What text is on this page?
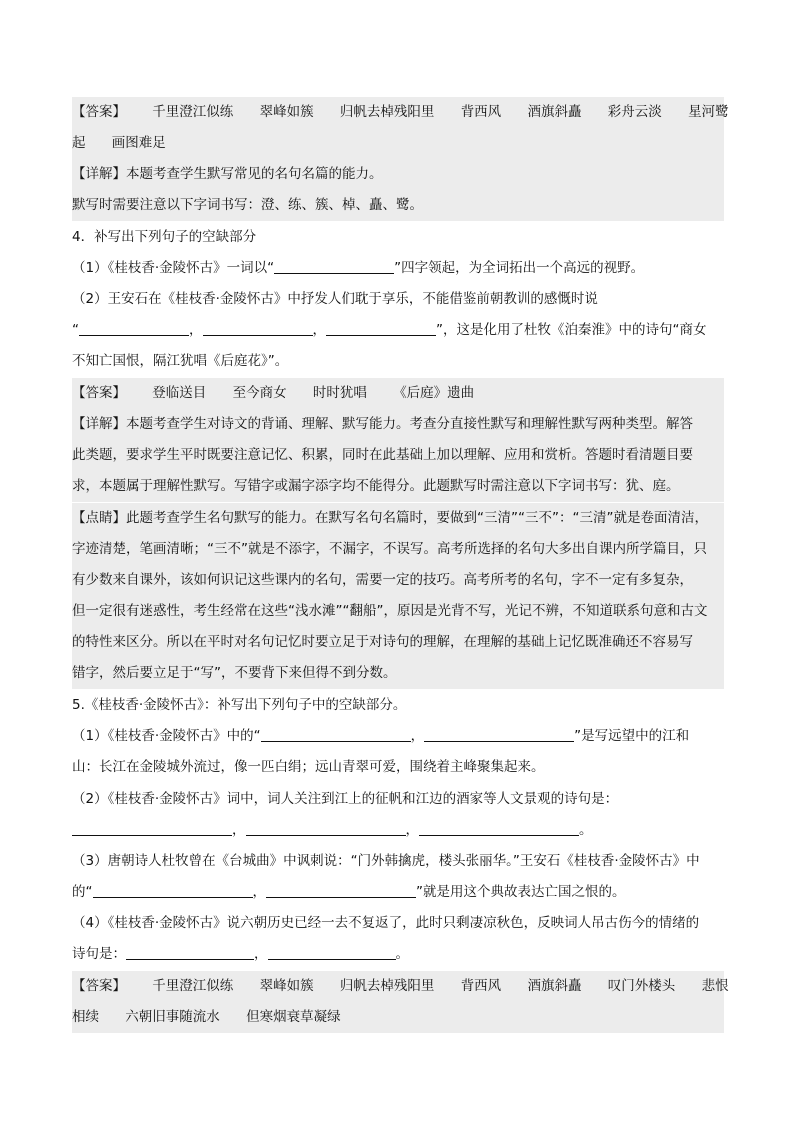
【答案】 千里澄江似练 翠峰如簇 归帆去棹残阳里 背西风 酒旗斜矗 彩舟云淡 星河鹭
起 画图难足
【详解】本题考查学生默写常见的名句名篇的能力。
默写时需要注意以下字词书写：澄、练、簇、棹、矗、鹭。
4．补写出下列句子的空缺部分
（1）《桂枝香·金陵怀古》一词以“	”四字领起，为全词拓出一个高远的视野。
（2）王安石在《桂枝香·金陵怀古》中抒发人们耽于享乐，不能借鉴前朝教训的感慨时说
“	，	，	”，这是化用了杜牧《泊秦淮》中的诗句“商女
不知亡国恨，隔江犹唱《后庭花》”。
【答案】 登临送目 至今商女 时时犹唱 《后庭》遗曲
【详解】本题考查学生对诗文的背诵、理解、默写能力。考查分直接性默写和理解性默写两种类型。解答
此类题，要求学生平时既要注意记忆、积累，同时在此基础上加以理解、应用和赏析。答题时看清题目要
求，本题属于理解性默写。写错字或漏字添字均不能得分。此题默写时需注意以下字词书写：犹、庭。
【点睛】此题考查学生名句默写的能力。在默写名句名篇时，要做到“三清”“三不”：“三清”就是卷面清洁，
字迹清楚，笔画清晰；“三不”就是不添字，不漏字，不误写。高考所选择的名句大多出自课内所学篇目，只
有少数来自课外，该如何识记这些课内的名句，需要一定的技巧。高考所考的名句，字不一定有多复杂，
但一定很有迷惑性，考生经常在这些“浅水滩”“翻船”，原因是光背不写，光记不辨，不知道联系句意和古文
的特性来区分。所以在平时对名句记忆时要立足于对诗句的理解，在理解的基础上记忆既准确还不容易写
错字，然后要立足于“写”，不要背下来但得不到分数。
5.《桂枝香·金陵怀古》：补写出下列句子中的空缺部分。
（1）《桂枝香·金陵怀古》中的“	，	”是写远望中的江和
山：长江在金陵城外流过，像一匹白绢；远山青翠可爱，围绕着主峰聚集起来。
（2）《桂枝香·金陵怀古》词中，词人关注到江上的征帆和江边的酒家等人文景观的诗句是：
，	，	。
（3）唐朝诗人杜牧曾在《台城曲》中讽刺说：“门外韩擒虎，楼头张丽华。”王安石《桂枝香·金陵怀古》中
的“	，	”就是用这个典故表达亡国之恨的。
（4）《桂枝香·金陵怀古》说六朝历史已经一去不复返了，此时只剩凄凉秋色，反映词人吊古伤今的情绪的
诗句是：	，	。
【答案】 千里澄江似练 翠峰如簇 归帆去棹残阳里 背西风 酒旗斜矗 叹门外楼头 悲恨
相续 六朝旧事随流水 但寒烟衰草凝绿
